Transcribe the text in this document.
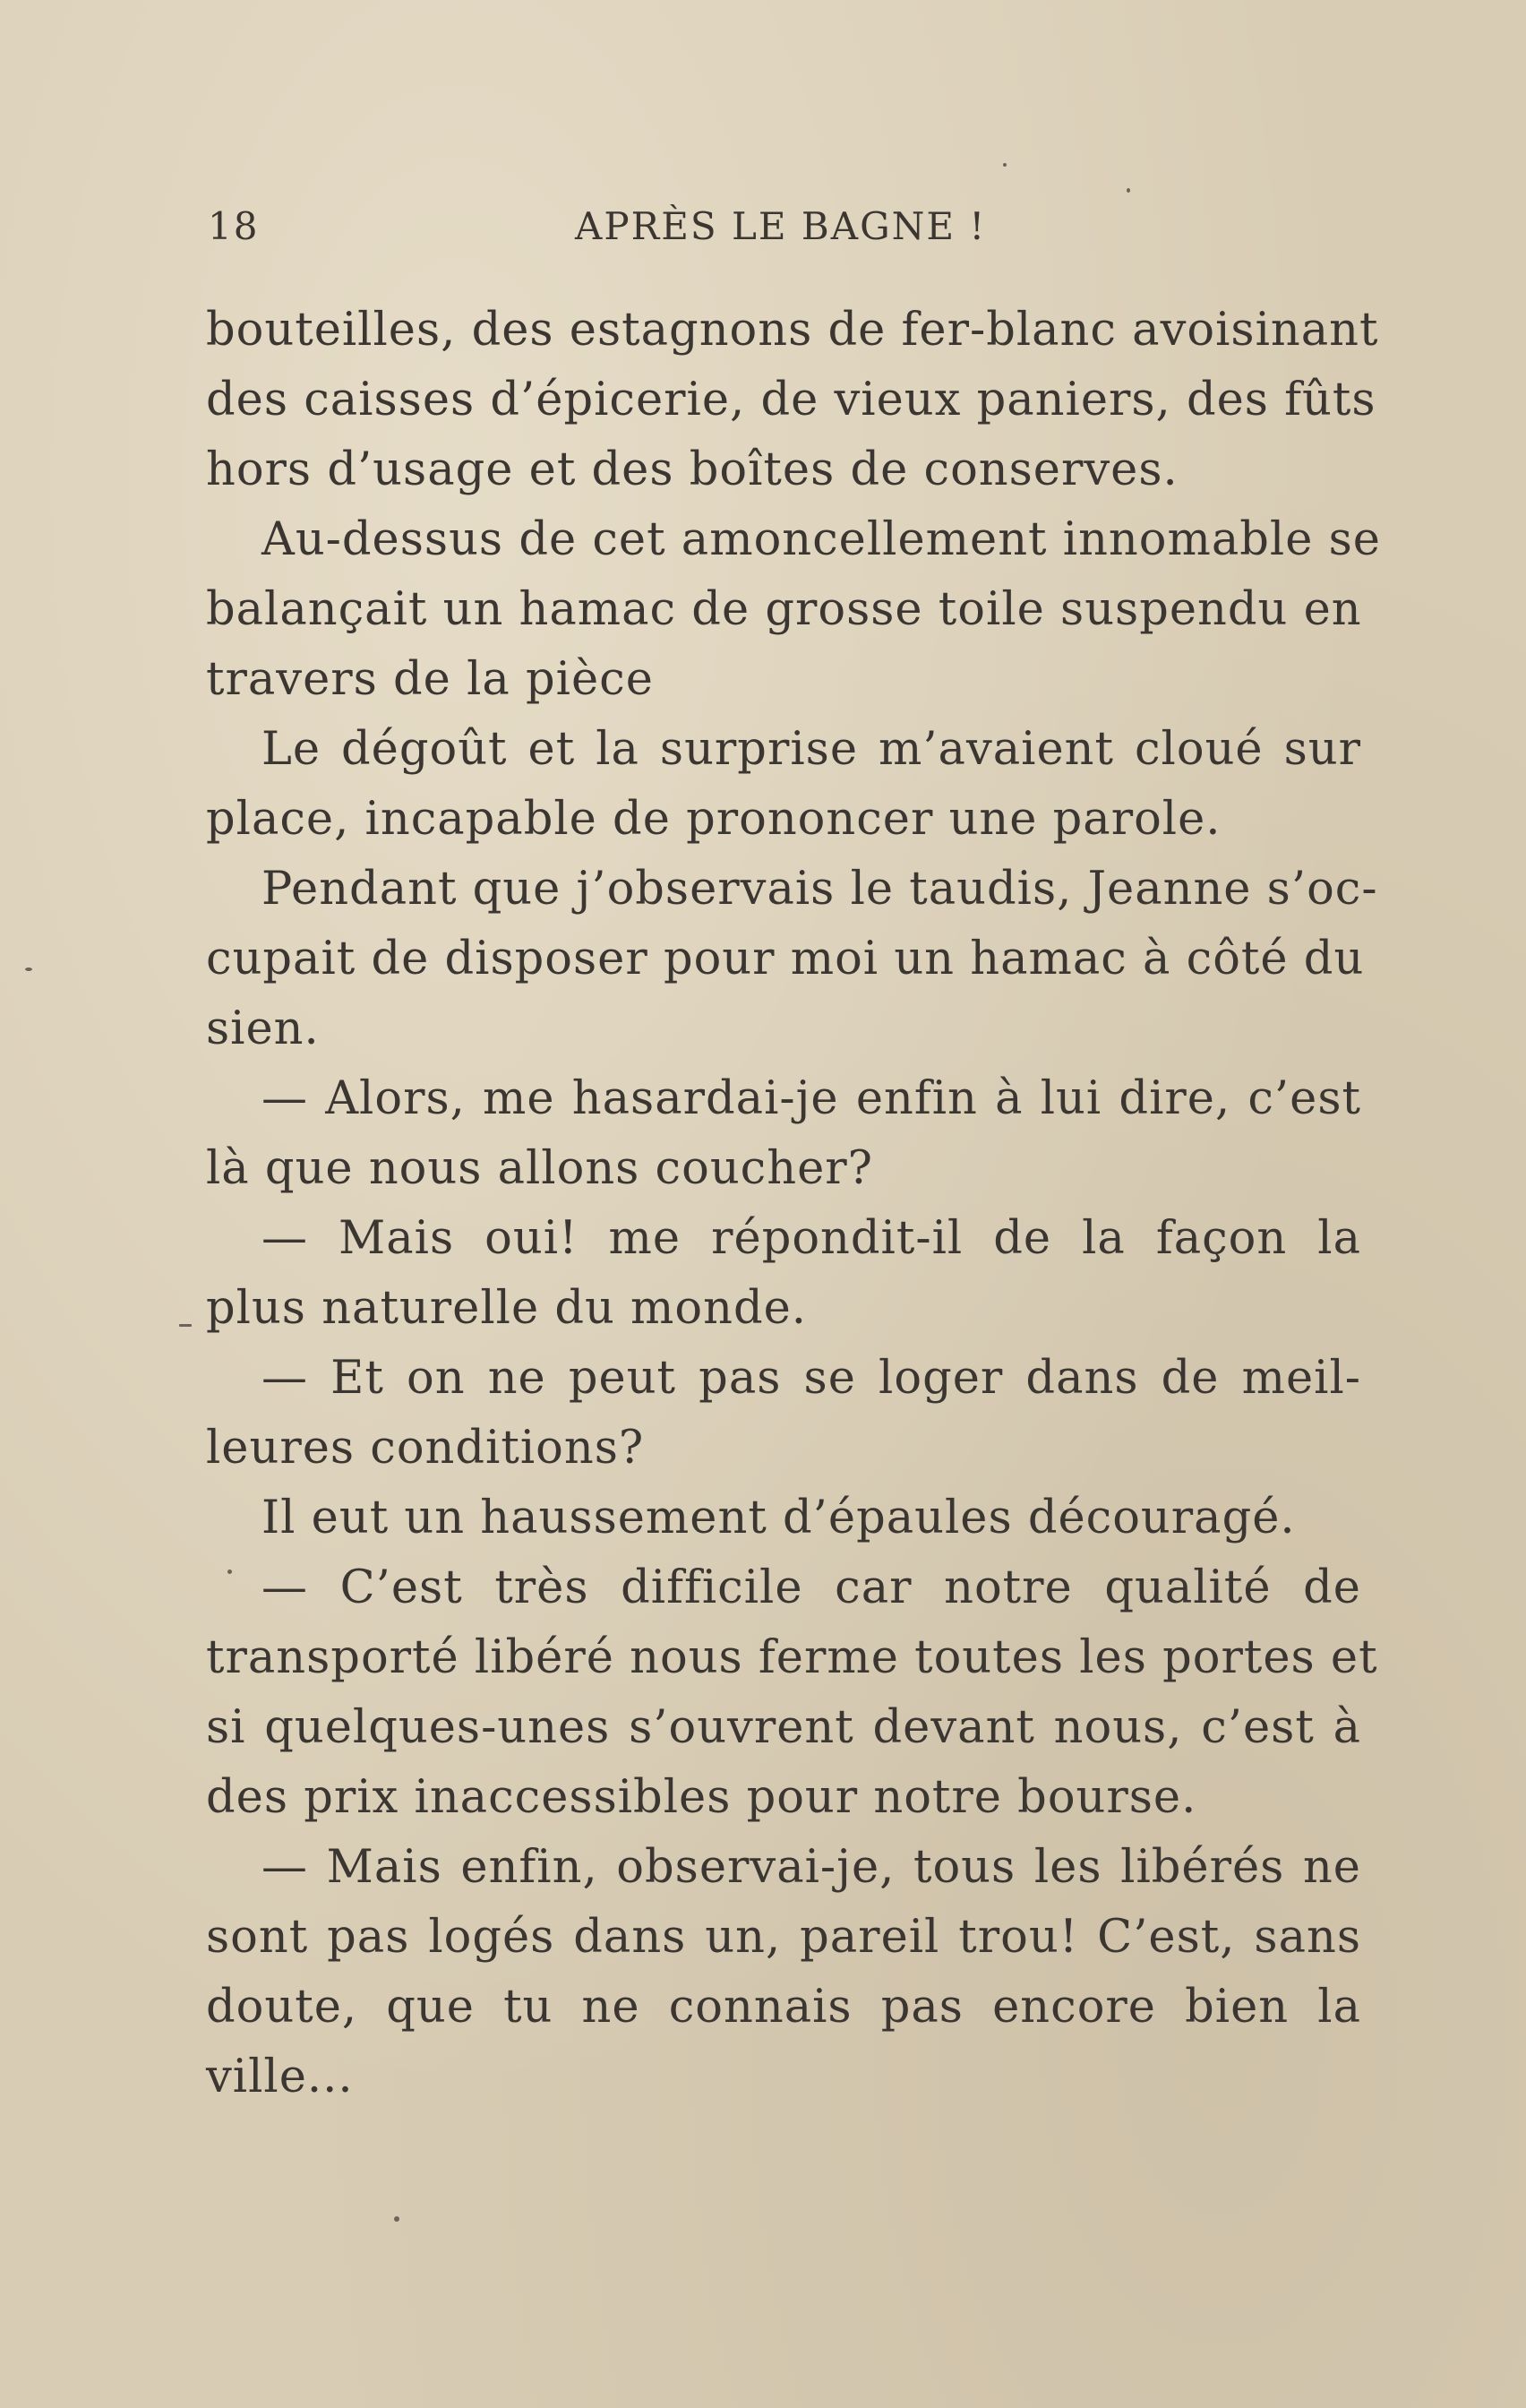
18	APRÈS LE BAGNE !
bouteilles, des estagnons de fer-blanc avoisinant
des caisses d’épicerie, de vieux paniers, des fûts
hors d’usage et des boîtes de conserves.
Au-dessus de cet amoncellement innomable se
balançait un hamac de grosse toile suspendu en
travers de la pièce
Le dégoût et la surprise m’avaient cloué sur
place, incapable de prononcer une parole.
Pendant que j’observais le taudis, Jeanne s’oc-
cupait de disposer pour moi un hamac à côté du
sien.
— Alors, me hasardai-je enfin à lui dire, c’est
là que nous allons coucher?
— Mais oui! me répondit-il de la façon la
plus naturelle du monde.
— Et on ne peut pas se loger dans de meil-
leures conditions?
Il eut un haussement d’épaules découragé.
— C’est très difficile car notre qualité de
transporté libéré nous ferme toutes les portes et
si quelques-unes s’ouvrent devant nous, c’est à
des prix inaccessibles pour notre bourse.
— Mais enfin, observai-je, tous les libérés ne
sont pas logés dans un, pareil trou! C’est, sans
doute, que tu ne connais pas encore bien la
ville...
